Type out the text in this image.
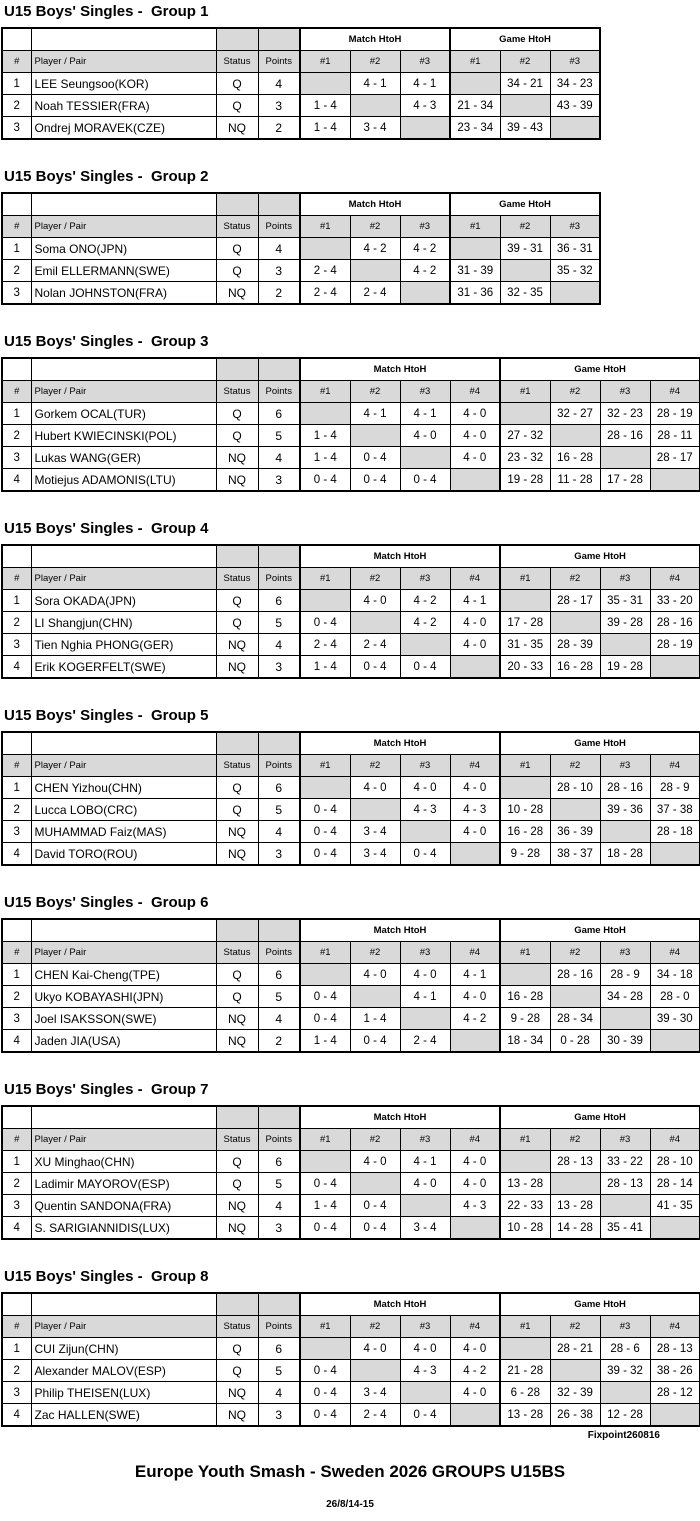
U15 Boys' Singles -  Group 1
				Match HtoH			Game HtoH		
#	Player / Pair	Status	Points	#1	#2	#3	#1	#2	#3
1	LEE Seungsoo(KOR)	Q	4		4 - 1	4 - 1		34 - 21	34 - 23
2	Noah TESSIER(FRA)	Q	3	1 - 4		4 - 3	21 - 34		43 - 39
3	Ondrej MORAVEK(CZE)	NQ	2	1 - 4	3 - 4		23 - 34	39 - 43	
U15 Boys' Singles -  Group 2
				Match HtoH			Game HtoH		
#	Player / Pair	Status	Points	#1	#2	#3	#1	#2	#3
1	Soma ONO(JPN)	Q	4		4 - 2	4 - 2		39 - 31	36 - 31
2	Emil ELLERMANN(SWE)	Q	3	2 - 4		4 - 2	31 - 39		35 - 32
3	Nolan JOHNSTON(FRA)	NQ	2	2 - 4	2 - 4		31 - 36	32 - 35	
U15 Boys' Singles -  Group 3
				Match HtoH				Game HtoH			
#	Player / Pair	Status	Points	#1	#2	#3	#4	#1	#2	#3	#4
1	Gorkem OCAL(TUR)	Q	6		4 - 1	4 - 1	4 - 0		32 - 27	32 - 23	28 - 19
2	Hubert KWIECINSKI(POL)	Q	5	1 - 4		4 - 0	4 - 0	27 - 32		28 - 16	28 - 11
3	Lukas WANG(GER)	NQ	4	1 - 4	0 - 4		4 - 0	23 - 32	16 - 28		28 - 17
4	Motiejus ADAMONIS(LTU)	NQ	3	0 - 4	0 - 4	0 - 4		19 - 28	11 - 28	17 - 28	
U15 Boys' Singles -  Group 4
				Match HtoH				Game HtoH			
#	Player / Pair	Status	Points	#1	#2	#3	#4	#1	#2	#3	#4
1	Sora OKADA(JPN)	Q	6		4 - 0	4 - 2	4 - 1		28 - 17	35 - 31	33 - 20
2	LI Shangjun(CHN)	Q	5	0 - 4		4 - 2	4 - 0	17 - 28		39 - 28	28 - 16
3	Tien Nghia PHONG(GER)	NQ	4	2 - 4	2 - 4		4 - 0	31 - 35	28 - 39		28 - 19
4	Erik KOGERFELT(SWE)	NQ	3	1 - 4	0 - 4	0 - 4		20 - 33	16 - 28	19 - 28	
U15 Boys' Singles -  Group 5
				Match HtoH				Game HtoH			
#	Player / Pair	Status	Points	#1	#2	#3	#4	#1	#2	#3	#4
1	CHEN Yizhou(CHN)	Q	6		4 - 0	4 - 0	4 - 0		28 - 10	28 - 16	28 - 9
2	Lucca LOBO(CRC)	Q	5	0 - 4		4 - 3	4 - 3	10 - 28		39 - 36	37 - 38
3	MUHAMMAD Faiz(MAS)	NQ	4	0 - 4	3 - 4		4 - 0	16 - 28	36 - 39		28 - 18
4	David TORO(ROU)	NQ	3	0 - 4	3 - 4	0 - 4		9 - 28	38 - 37	18 - 28	
U15 Boys' Singles -  Group 6
				Match HtoH				Game HtoH			
#	Player / Pair	Status	Points	#1	#2	#3	#4	#1	#2	#3	#4
1	CHEN Kai-Cheng(TPE)	Q	6		4 - 0	4 - 0	4 - 1		28 - 16	28 - 9	34 - 18
2	Ukyo KOBAYASHI(JPN)	Q	5	0 - 4		4 - 1	4 - 0	16 - 28		34 - 28	28 - 0
3	Joel ISAKSSON(SWE)	NQ	4	0 - 4	1 - 4		4 - 2	9 - 28	28 - 34		39 - 30
4	Jaden JIA(USA)	NQ	2	1 - 4	0 - 4	2 - 4		18 - 34	0 - 28	30 - 39	
U15 Boys' Singles -  Group 7
				Match HtoH				Game HtoH			
#	Player / Pair	Status	Points	#1	#2	#3	#4	#1	#2	#3	#4
1	XU Minghao(CHN)	Q	6		4 - 0	4 - 1	4 - 0		28 - 13	33 - 22	28 - 10
2	Ladimir MAYOROV(ESP)	Q	5	0 - 4		4 - 0	4 - 0	13 - 28		28 - 13	28 - 14
3	Quentin SANDONA(FRA)	NQ	4	1 - 4	0 - 4		4 - 3	22 - 33	13 - 28		41 - 35
4	S. SARIGIANNIDIS(LUX)	NQ	3	0 - 4	0 - 4	3 - 4		10 - 28	14 - 28	35 - 41	
U15 Boys' Singles -  Group 8
				Match HtoH				Game HtoH			
#	Player / Pair	Status	Points	#1	#2	#3	#4	#1	#2	#3	#4
1	CUI Zijun(CHN)	Q	6		4 - 0	4 - 0	4 - 0		28 - 21	28 - 6	28 - 13
2	Alexander MALOV(ESP)	Q	5	0 - 4		4 - 3	4 - 2	21 - 28		39 - 32	38 - 26
3	Philip THEISEN(LUX)	NQ	4	0 - 4	3 - 4		4 - 0	6 - 28	32 - 39		28 - 12
4	Zac HALLEN(SWE)	NQ	3	0 - 4	2 - 4	0 - 4		13 - 28	26 - 38	12 - 28	
Fixpoint260816
Europe Youth Smash - Sweden 2026 GROUPS U15BS
26/8/14-15
